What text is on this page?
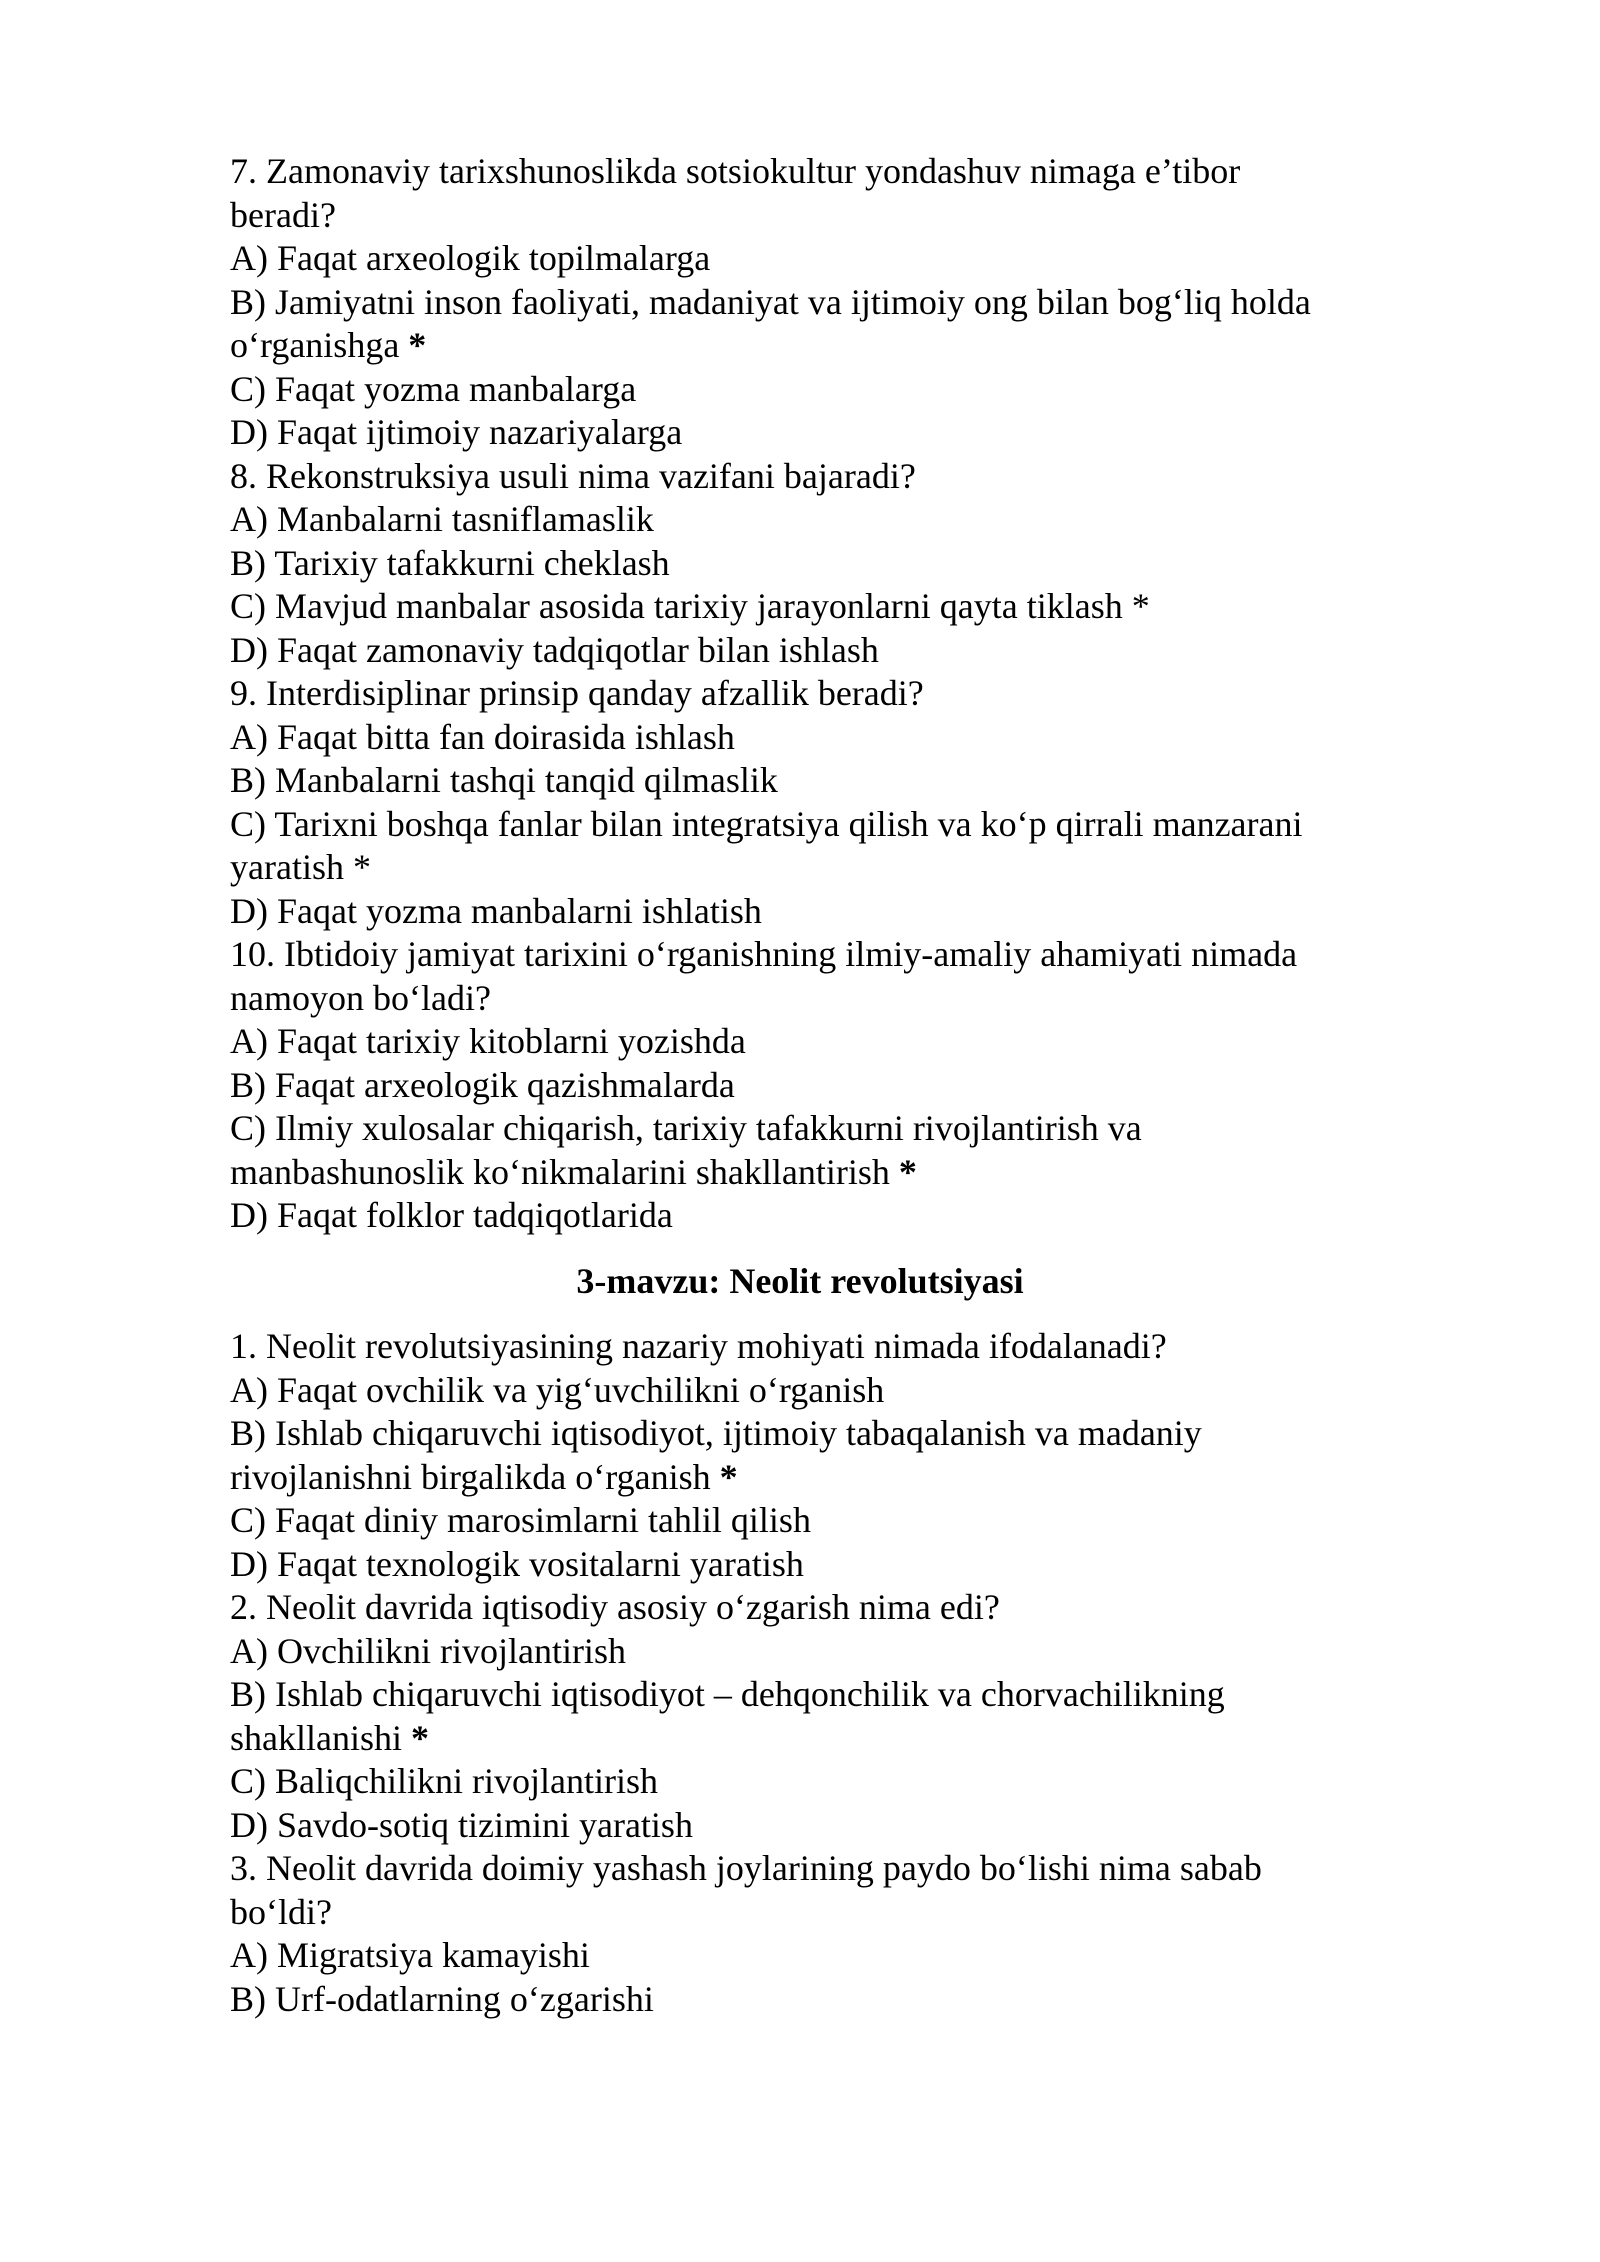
7. Zamonaviy tarixshunoslikda sotsiokultur yondashuv nimaga e’tibor
beradi?
A) Faqat arxeologik topilmalarga
B) Jamiyatni inson faoliyati, madaniyat va ijtimoiy ong bilan bog‘liq holda
o‘rganishga *
C) Faqat yozma manbalarga
D) Faqat ijtimoiy nazariyalarga
8. Rekonstruksiya usuli nima vazifani bajaradi?
A) Manbalarni tasniflamaslik
B) Tarixiy tafakkurni cheklash
C) Mavjud manbalar asosida tarixiy jarayonlarni qayta tiklash *
D) Faqat zamonaviy tadqiqotlar bilan ishlash
9. Interdisiplinar prinsip qanday afzallik beradi?
A) Faqat bitta fan doirasida ishlash
B) Manbalarni tashqi tanqid qilmaslik
C) Tarixni boshqa fanlar bilan integratsiya qilish va ko‘p qirrali manzarani
yaratish *
D) Faqat yozma manbalarni ishlatish
10. Ibtidoiy jamiyat tarixini o‘rganishning ilmiy-amaliy ahamiyati nimada
namoyon bo‘ladi?
A) Faqat tarixiy kitoblarni yozishda
B) Faqat arxeologik qazishmalarda
C) Ilmiy xulosalar chiqarish, tarixiy tafakkurni rivojlantirish va
manbashunoslik ko‘nikmalarini shakllantirish *
D) Faqat folklor tadqiqotlarida
3-mavzu: Neolit revolutsiyasi
1. Neolit revolutsiyasining nazariy mohiyati nimada ifodalanadi?
A) Faqat ovchilik va yig‘uvchilikni o‘rganish
B) Ishlab chiqaruvchi iqtisodiyot, ijtimoiy tabaqalanish va madaniy
rivojlanishni birgalikda o‘rganish *
C) Faqat diniy marosimlarni tahlil qilish
D) Faqat texnologik vositalarni yaratish
2. Neolit davrida iqtisodiy asosiy o‘zgarish nima edi?
A) Ovchilikni rivojlantirish
B) Ishlab chiqaruvchi iqtisodiyot – dehqonchilik va chorvachilikning
shakllanishi *
C) Baliqchilikni rivojlantirish
D) Savdo-sotiq tizimini yaratish
3. Neolit davrida doimiy yashash joylarining paydo bo‘lishi nima sabab
bo‘ldi?
A) Migratsiya kamayishi
B) Urf-odatlarning o‘zgarishi
